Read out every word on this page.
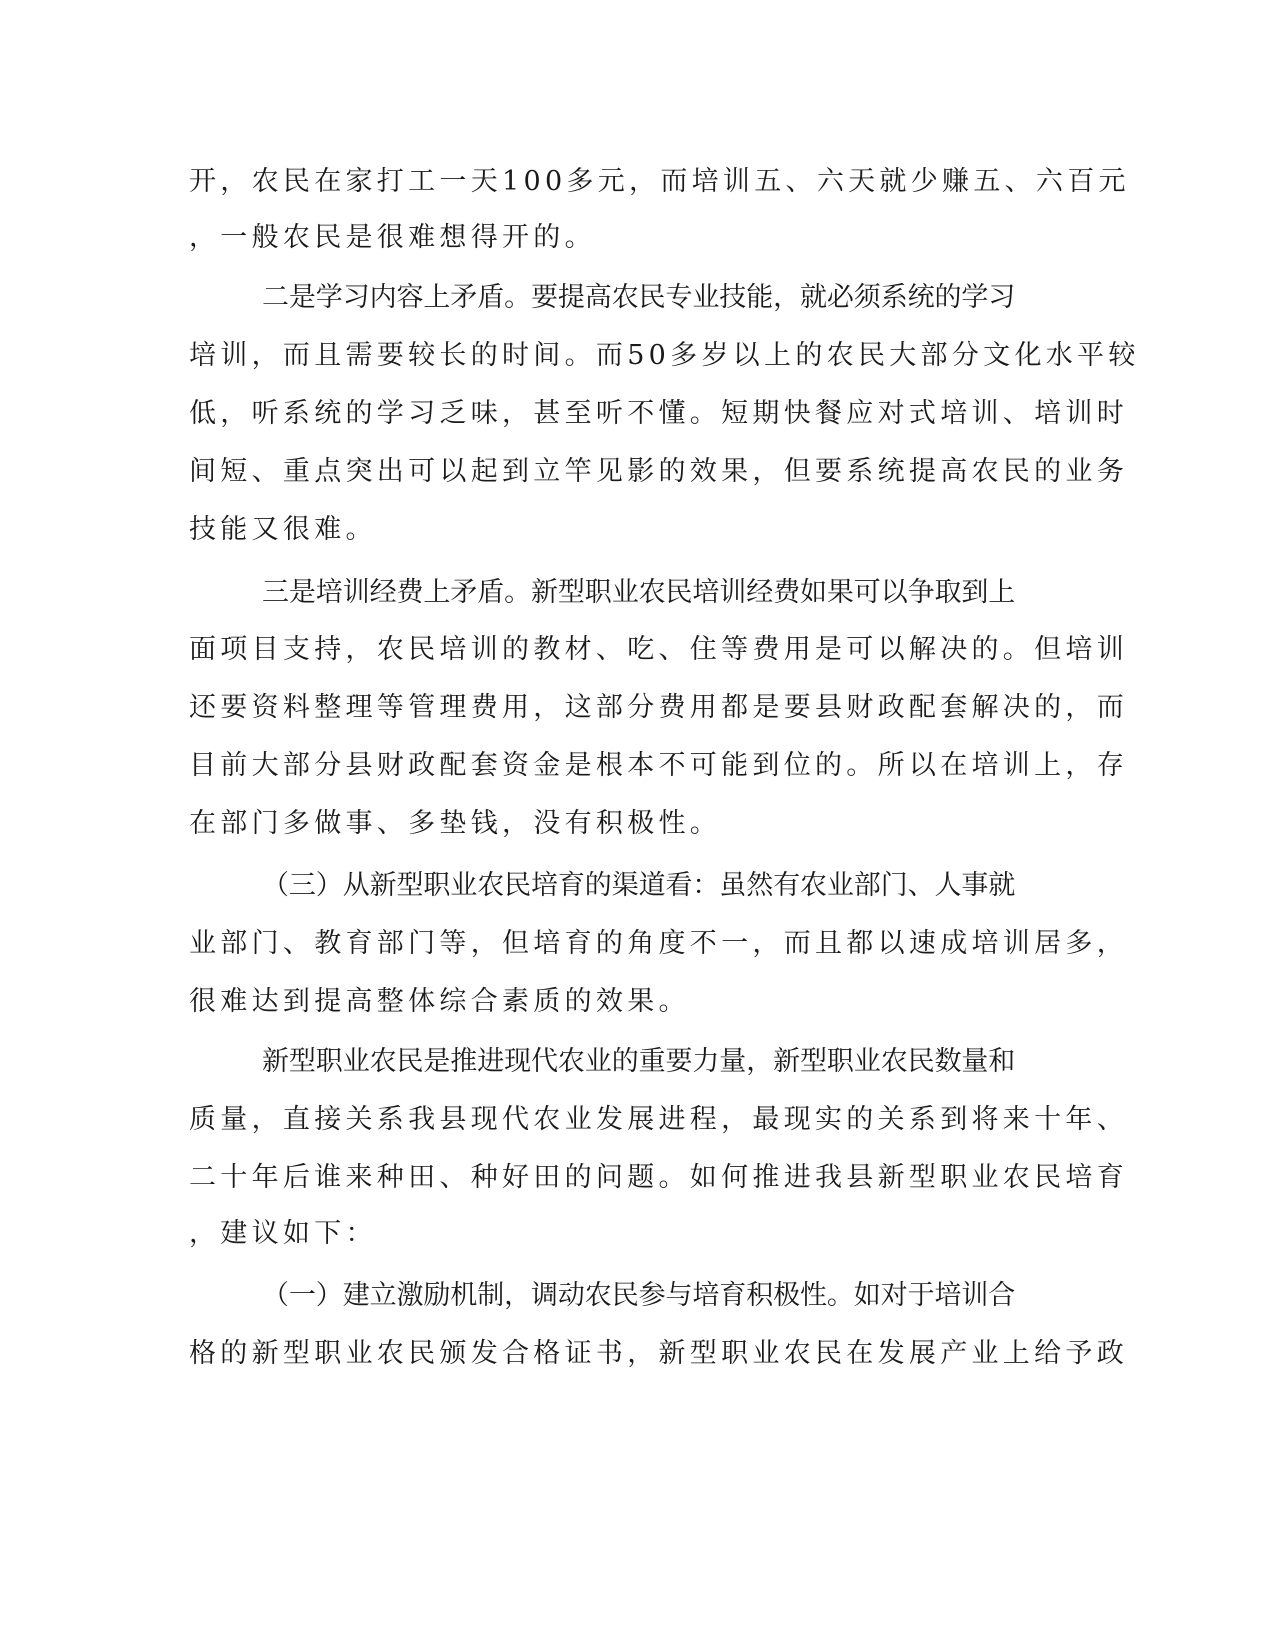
开，农民在家打工一天100多元，而培训五、六天就少赚五、六百元
，一般农民是很难想得开的。
二是学习内容上矛盾。要提高农民专业技能，就必须系统的学习
培训，而且需要较长的时间。而50多岁以上的农民大部分文化水平较
低，听系统的学习乏味，甚至听不懂。短期快餐应对式培训、培训时
间短、重点突出可以起到立竿见影的效果，但要系统提高农民的业务
技能又很难。
三是培训经费上矛盾。新型职业农民培训经费如果可以争取到上
面项目支持，农民培训的教材、吃、住等费用是可以解决的。但培训
还要资料整理等管理费用，这部分费用都是要县财政配套解决的，而
目前大部分县财政配套资金是根本不可能到位的。所以在培训上，存
在部门多做事、多垫钱，没有积极性。
（三）从新型职业农民培育的渠道看：虽然有农业部门、人事就
业部门、教育部门等，但培育的角度不一，而且都以速成培训居多，
很难达到提高整体综合素质的效果。
新型职业农民是推进现代农业的重要力量，新型职业农民数量和
质量，直接关系我县现代农业发展进程，最现实的关系到将来十年、
二十年后谁来种田、种好田的问题。如何推进我县新型职业农民培育
，建议如下：
（一）建立激励机制，调动农民参与培育积极性。如对于培训合
格的新型职业农民颁发合格证书，新型职业农民在发展产业上给予政
